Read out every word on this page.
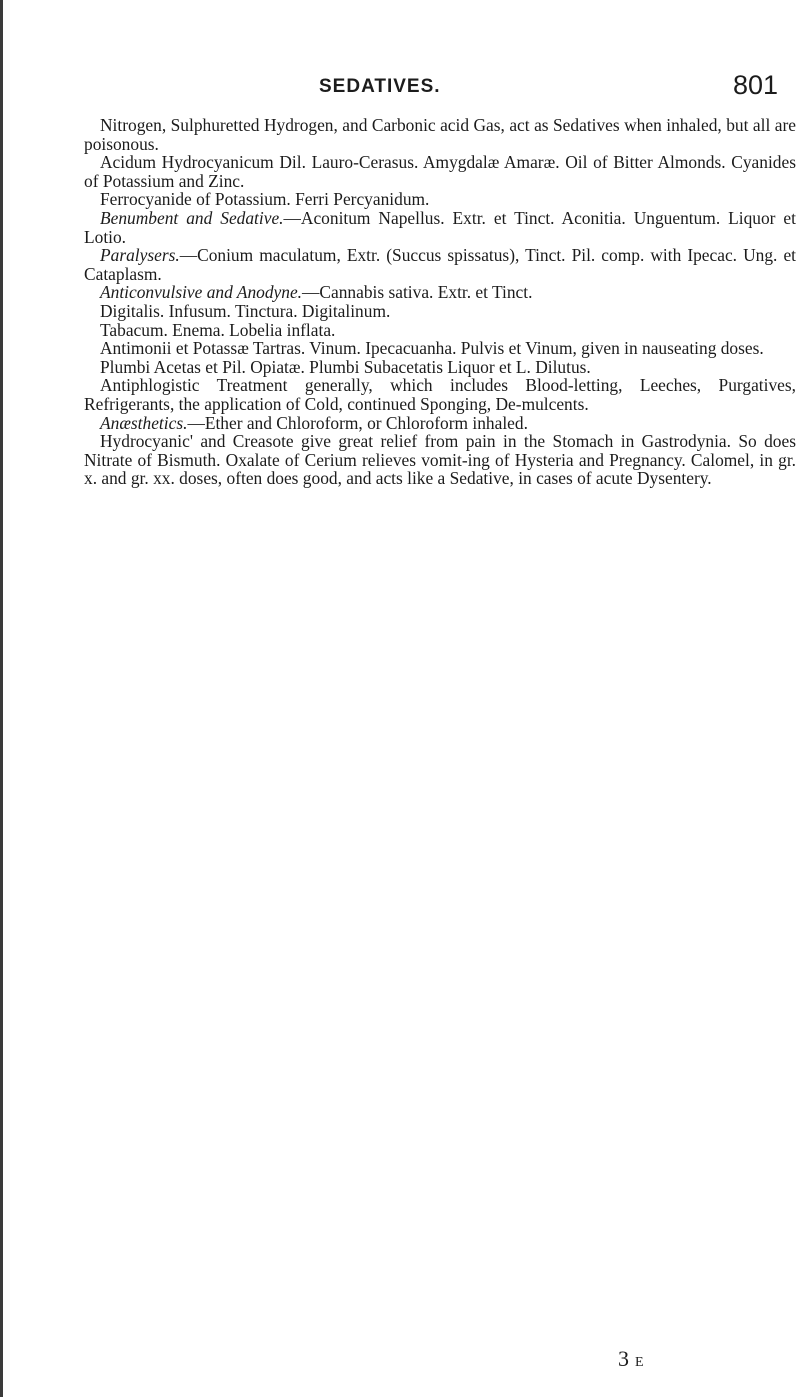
SEDATIVES.	801

Nitrogen, Sulphuretted Hydrogen, and Carbonic acid Gas, act as Sedatives when inhaled, but all are poisonous.

Acidum Hydrocyanicum Dil. Lauro-Cerasus. Amygdalæ Amaræ. Oil of Bitter Almonds. Cyanides of Potassium and Zinc.

Ferrocyanide of Potassium. Ferri Percyanidum.

Benumbent and Sedative.—Aconitum Napellus. Extr. et Tinct. Aconitia. Unguentum. Liquor et Lotio.

Paralysers.—Conium maculatum, Extr. (Succus spissatus), Tinct. Pil. comp. with Ipecac. Ung. et Cataplasm.

Anticonvulsive and Anodyne.—Cannabis sativa. Extr. et Tinct.

Digitalis. Infusum. Tinctura. Digitalinum.

Tabacum. Enema. Lobelia inflata.

Antimonii et Potassæ Tartras. Vinum. Ipecacuanha. Pulvis et Vinum, given in nauseating doses.

Plumbi Acetas et Pil. Opiatæ. Plumbi Subacetatis Liquor et L. Dilutus.

Antiphlogistic Treatment generally, which includes Blood-letting, Leeches, Purgatives, Refrigerants, the application of Cold, continued Sponging, De-mulcents.

Anæsthetics.—Ether and Chloroform, or Chloroform inhaled.

Hydrocyanic' and Creasote give great relief from pain in the Stomach in Gastrodynia. So does Nitrate of Bismuth. Oxalate of Cerium relieves vomit-ing of Hysteria and Pregnancy. Calomel, in gr. x. and gr. xx. doses, often does good, and acts like a Sedative, in cases of acute Dysentery.

3 E
